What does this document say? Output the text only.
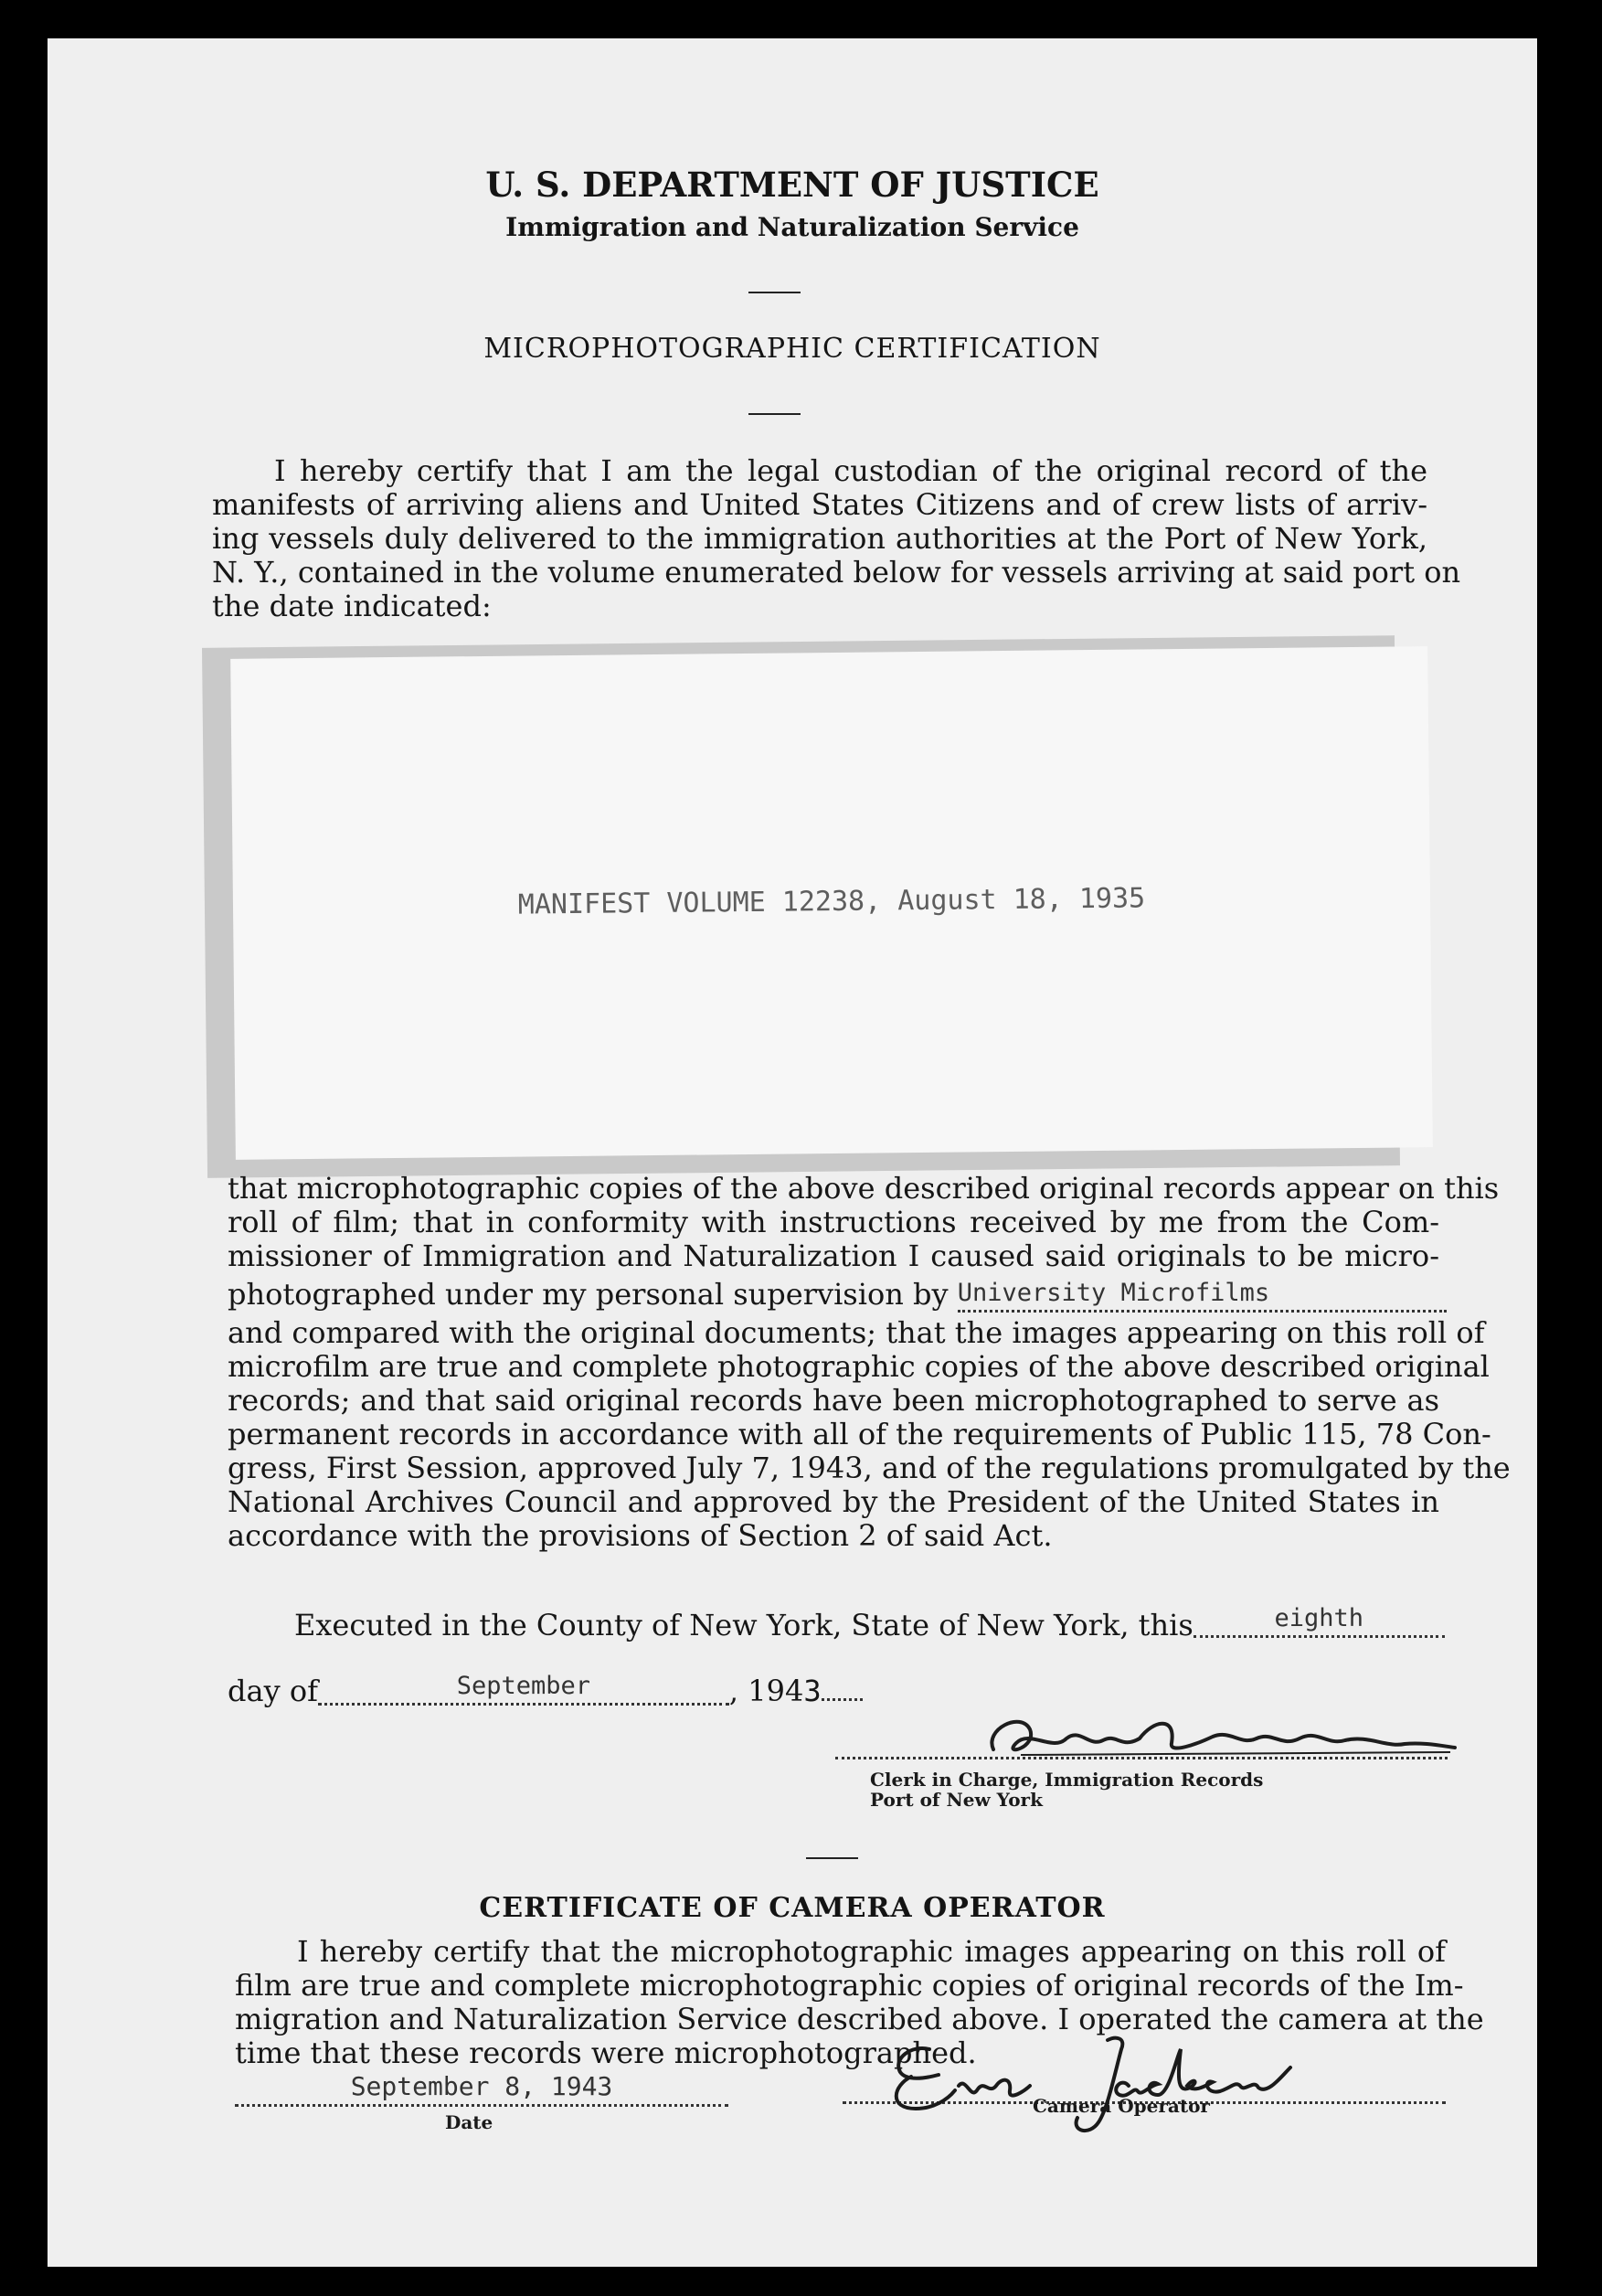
U. S. DEPARTMENT OF JUSTICE
Immigration and Naturalization Service
MICROPHOTOGRAPHIC CERTIFICATION
I hereby certify that I am the legal custodian of the original record of the
manifests of arriving aliens and United States Citizens and of crew lists of arriv-
ing vessels duly delivered to the immigration authorities at the Port of New York,
N. Y., contained in the volume enumerated below for vessels arriving at said port on
the date indicated:
MANIFEST VOLUME 12238, August 18, 1935
that microphotographic copies of the above described original records appear on this
roll of film; that in conformity with instructions received by me from the Com-
missioner of Immigration and Naturalization I caused said originals to be micro-
photographed under my personal supervision by University Microfilms
and compared with the original documents; that the images appearing on this roll of
microfilm are true and complete photographic copies of the above described original
records; and that said original records have been microphotographed to serve as
permanent records in accordance with all of the requirements of Public 115, 78 Con-
gress, First Session, approved July 7, 1943, and of the regulations promulgated by the
National Archives Council and approved by the President of the United States in
accordance with the provisions of Section 2 of said Act.
Executed in the County of New York, State of New York, this	eighth
day of	September	, 1943
Clerk in Charge, Immigration Records
Port of New York
CERTIFICATE OF CAMERA OPERATOR
I hereby certify that the microphotographic images appearing on this roll of
film are true and complete microphotographic copies of original records of the Im-
migration and Naturalization Service described above. I operated the camera at the
time that these records were microphotographed.
September 8, 1943
Date
Camera Operator
